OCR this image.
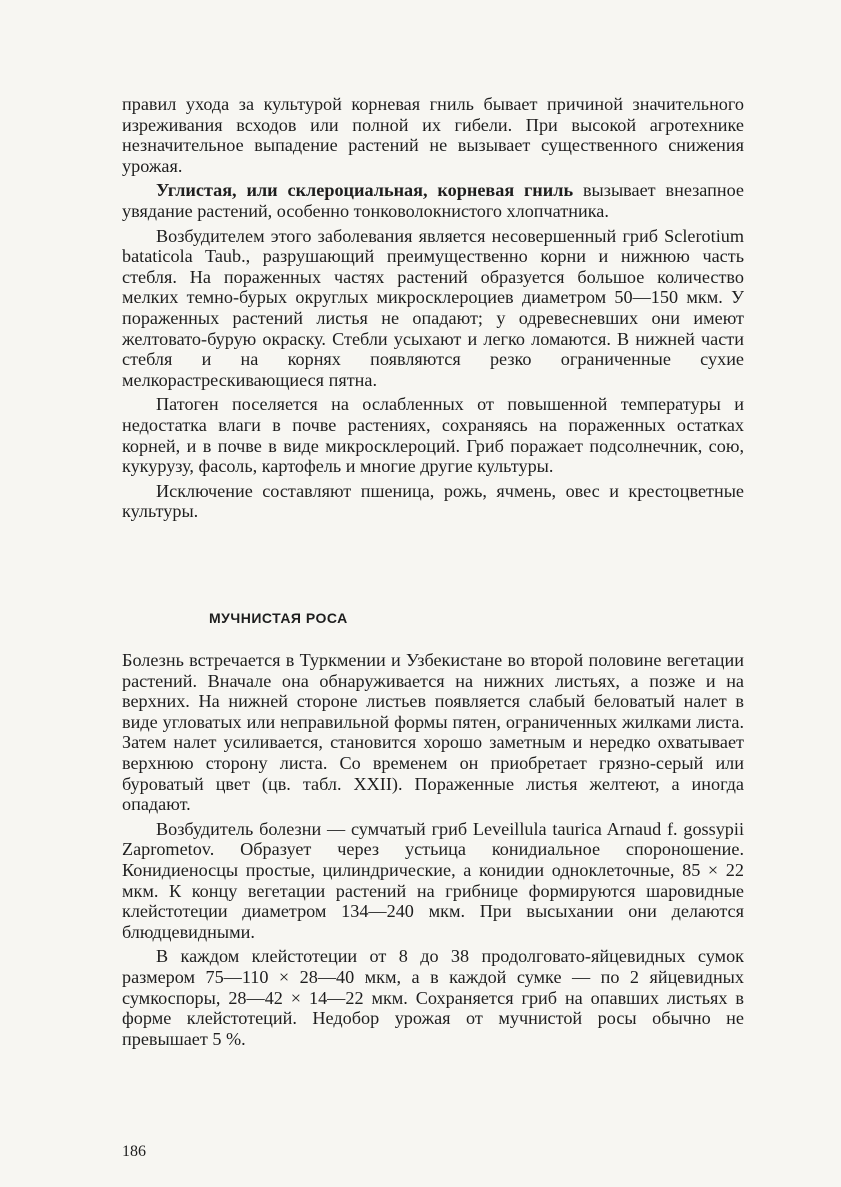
правил ухода за культурой корневая гниль бывает причиной значительного изреживания всходов или полной их гибели. При высокой агротехнике незначительное выпадение растений не вызывает существенного снижения урожая.

Углистая, или склероциальная, корневая гниль вызывает внезапное увядание растений, особенно тонковолокнистого хлопчатника.

Возбудителем этого заболевания является несовершенный гриб Sclerotium bataticola Taub., разрушающий преимущественно корни и нижнюю часть стебля. На пораженных частях растений образуется большое количество мелких темно-бурых округлых микросклероциев диаметром 50—150 мкм. У пораженных растений листья не опадают; у одревесневших они имеют желтовато-бурую окраску. Стебли усыхают и легко ломаются. В нижней части стебля и на корнях появляются резко ограниченные сухие мелкорастрескивающиеся пятна.

Патоген поселяется на ослабленных от повышенной температуры и недостатка влаги в почве растениях, сохраняясь на пораженных остатках корней, и в почве в виде микросклероций. Гриб поражает подсолнечник, сою, кукурузу, фасоль, картофель и многие другие культуры.

Исключение составляют пшеница, рожь, ячмень, овес и крестоцветные культуры.

МУЧНИСТАЯ РОСА

Болезнь встречается в Туркмении и Узбекистане во второй половине вегетации растений. Вначале она обнаруживается на нижних листьях, а позже и на верхних. На нижней стороне листьев появляется слабый беловатый налет в виде угловатых или неправильной формы пятен, ограниченных жилками листа. Затем налет усиливается, становится хорошо заметным и нередко охватывает верхнюю сторону листа. Со временем он приобретает грязно-серый или буроватый цвет (цв. табл. XXII). Пораженные листья желтеют, а иногда опадают.

Возбудитель болезни — сумчатый гриб Leveillula taurica Arnaud f. gossypii Zaprometov. Образует через устьица конидиальное спороношение. Конидиеносцы простые, цилиндрические, а конидии одноклеточные, 85 × 22 мкм. К концу вегетации растений на грибнице формируются шаровидные клейстотеции диаметром 134—240 мкм. При высыхании они делаются блюдцевидными.

В каждом клейстотеции от 8 до 38 продолговато-яйцевидных сумок размером 75—110 × 28—40 мкм, а в каждой сумке — по 2 яйцевидных сумкоспоры, 28—42 × 14—22 мкм. Сохраняется гриб на опавших листьях в форме клейстотеций. Недобор урожая от мучнистой росы обычно не превышает 5 %.

186
